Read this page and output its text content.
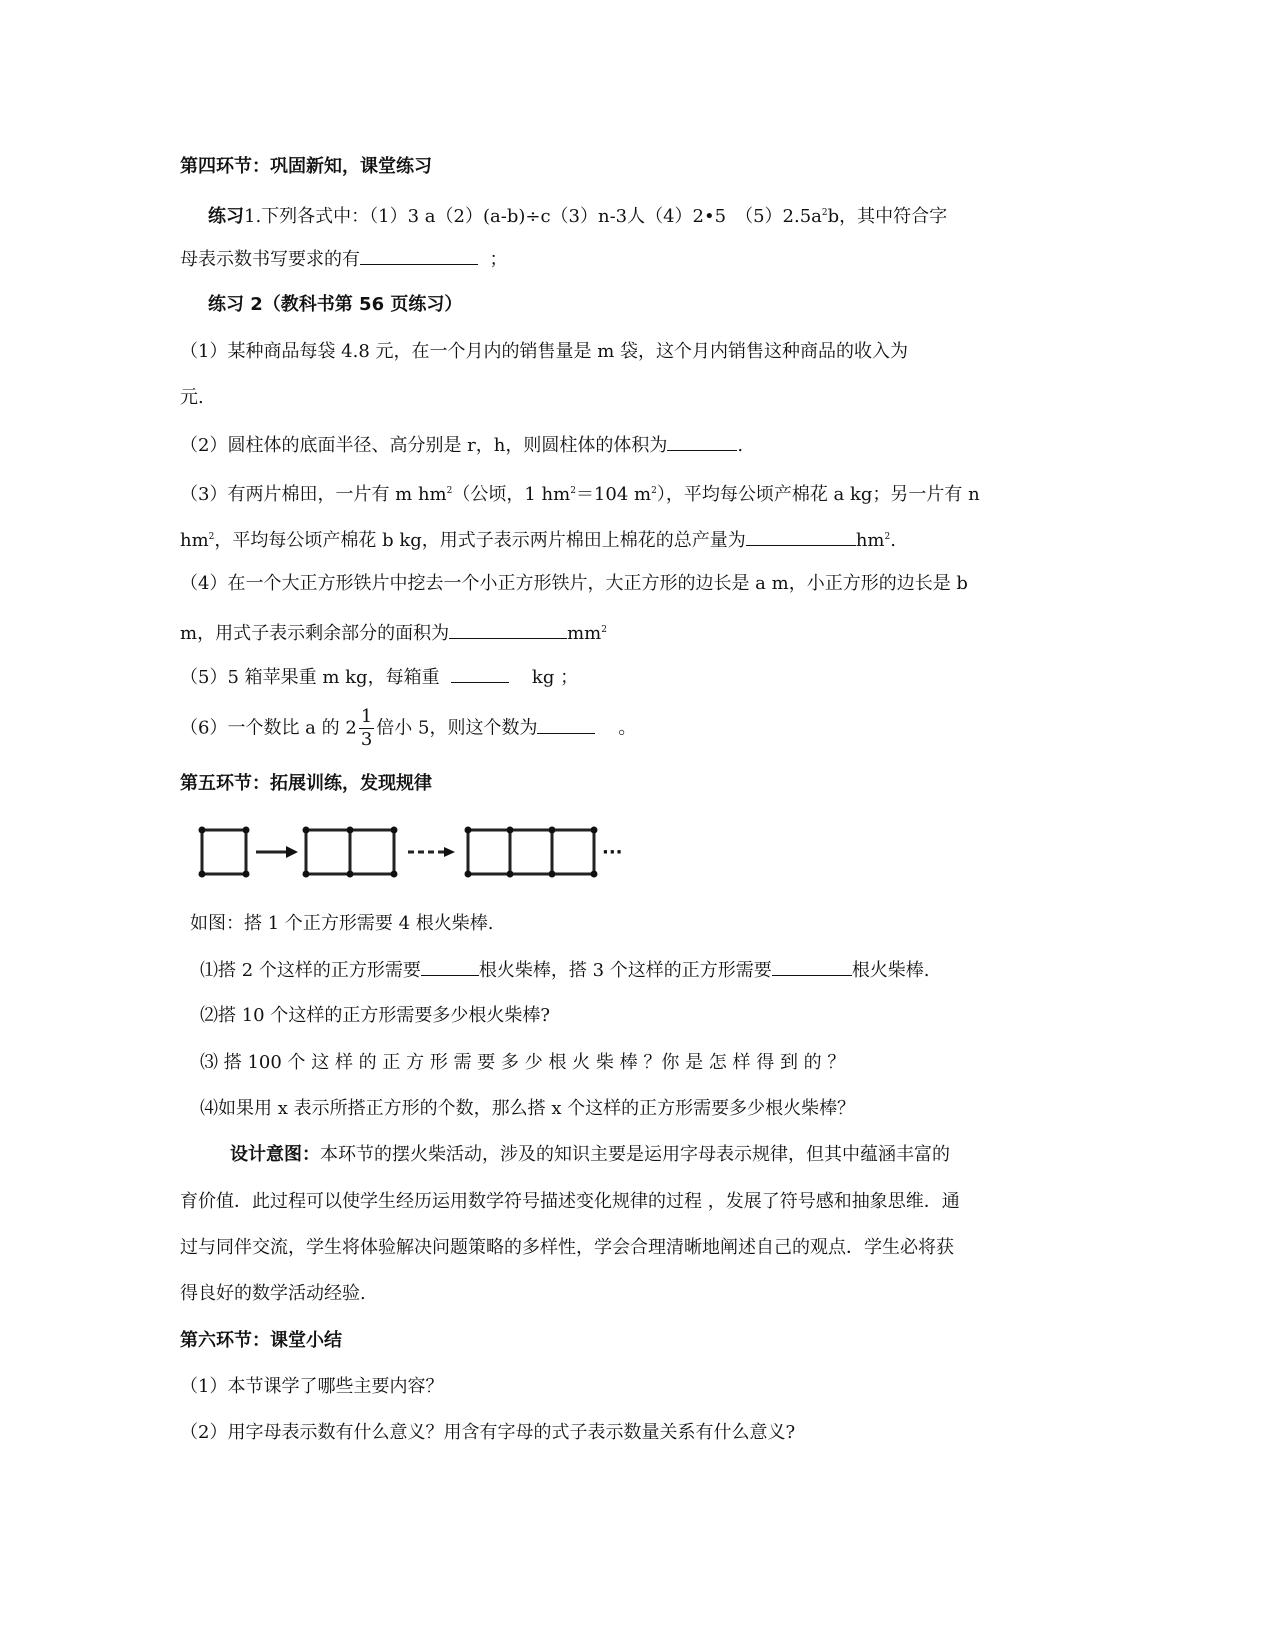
第四环节：巩固新知，课堂练习
练习1.下列各式中：（1）3 a（2）(a-b)÷c（3）n-3人（4）2•5　$(5)2.5a^2b$，其中符合字
母表示数书写要求的有	；
练习 2（教科书第 56 页练习）
（1）某种商品每袋 4.8 元，在一个月内的销售量是 m 袋，这个月内销售这种商品的收入为
元.
（2）圆柱体的底面半径、高分别是 r，h，则圆柱体的体积为	.
（3）有两片棉田，一片有 m $hm^2$（公顷，1 $hm^2=104$ $m^2$），平均每公顷产棉花 a kg；另一片有 n
$hm^2$，平均每公顷产棉花 b kg，用式子表示两片棉田上棉花的总产量为	$hm^2$.
（4）在一个大正方形铁片中挖去一个小正方形铁片，大正方形的边长是 a m，小正方形的边长是 b
m，用式子表示剩余部分的面积为	$mm^2$
（5）5 箱苹果重 m kg，每箱重	kg ；
（6）一个数比 a 的 $2 \frac{1}{3}$ 倍小 5，则这个数为	。
第五环节：拓展训练，发现规律
···
如图：搭 1 个正方形需要 4 根火柴棒.
⑴搭 2 个这样的正方形需要	根火柴棒，搭 3 个这样的正方形需要	根火柴棒.
⑵搭 10 个这样的正方形需要多少根火柴棒?
⑶ 搭 100 个 这 样 的 正 方 形 需 要 多 少 根 火 柴 棒 ？你 是 怎 样 得 到 的 ？
⑷如果用 x 表示所搭正方形的个数，那么搭 x 个这样的正方形需要多少根火柴棒？
设计意图：本环节的摆火柴活动，涉及的知识主要是运用字母表示规律，但其中蕴涵丰富的
育价值．此过程可以使学生经历运用数学符号描述变化规律的过程 ，发展了符号感和抽象思维．通
过与同伴交流，学生将体验解决问题策略的多样性，学会合理清晰地阐述自己的观点．学生必将获
得良好的数学活动经验.
第六环节：课堂小结
（1）本节课学了哪些主要内容？
（2）用字母表示数有什么意义？用含有字母的式子表示数量关系有什么意义?
